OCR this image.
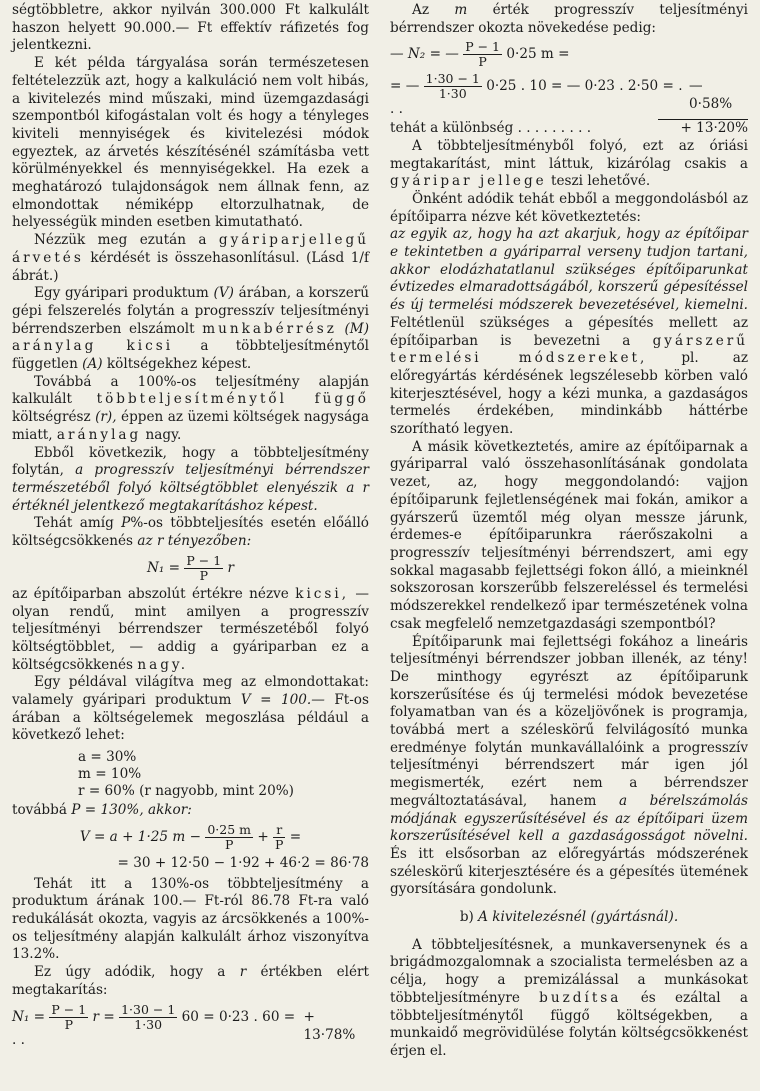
ségtöbbletre, akkor nyilván 300.000 Ft kalkulált haszon helyett 90.000.— Ft effektív ráfizetés fog jelentkezni.

E két példa tárgyalása során természetesen feltételezzük azt, hogy a kalkuláció nem volt hibás, a kivitelezés mind műszaki, mind üzemgazdasági szempontból kifogástalan volt és hogy a tényleges kiviteli mennyiségek és kivitelezési módok egyeztek, az árvetés készítésénél számításba vett körülményekkel és mennyiségekkel. Ha ezek a meghatározó tulajdonságok nem állnak fenn, az elmondottak némiképp eltorzulhatnak, de helyességük minden esetben kimutatható.

Nézzük meg ezután a gyáriparjellegű árvetés kérdését is összehasonlításul. (Lásd 1/f ábrát.)

Egy gyáripari produktum (V) árában, a korszerű gépi felszerelés folytán a progresszív teljesítményi bérrendszerben elszámolt munkabérrész (M) aránylag kicsi a többteljesítménytől független (A) költségekhez képest.

Továbbá a 100%-os teljesítmény alapján kalkulált többteljesítménytől függő költségrész (r), éppen az üzemi költségek nagysága miatt, aránylag nagy.

Ebből következik, hogy a többteljesítmény folytán, a progresszív teljesítményi bérrendszer természetéből folyó költségtöbblet elenyészik a r értéknél jelentkező megtakarításhoz képest.

Tehát amíg P%-os többteljesítés esetén előálló költségcsökkenés az r tényezőben:

$N_1 = \frac{P - 1}{P}$ r

az építőiparban abszolút értékre nézve kicsi, — olyan rendű, mint amilyen a progresszív teljesítményi bérrendszer természetéből folyó költségtöbblet, — addig a gyáriparban ez a költségcsökkenés nagy.

Egy példával világítva meg az elmondottakat: valamely gyáripari produktum V = 100.— Ft-os árában a költségelemek megoszlása például a következő lehet:

a = 30%
m = 10%
r = 60% (r nagyobb, mint 20%)
továbbá P = 130%, akkor:
V = a + 1·25 $m - \frac{0\cdot 25 m}{P} + \frac{r}{P}$ =
= 30 + 12·50 − 1·92 + 46·2 = 86·78

Tehát itt a 130%-os többteljesítmény a produktum árának 100.— Ft-ról 86.78 Ft-ra való redukálását okozta, vagyis az árcsökkenés a 100%-os teljesítmény alapján kalkulált árhoz viszonyítva 13.2%.

Ez úgy adódik, hogy a r értékben elért megtakarítás:

$N_1 = \frac{P - 1}{P}$ $r = \frac{1\cdot 30 - 1}{1\cdot 30} 60 = 0\cdot 23$ . 60 = . .
+ 13·78%

Az m érték progresszív teljesítményi bérrendszer okozta növekedése pedig:

— N₂ = — $\frac{P - 1}{P} 0\cdot 25$ m =
= — $\frac{1\cdot 30 - 1}{1\cdot 30} 0\cdot 25$ . 10 = — 0·23 . 2·50 = . . .
— 0·58%
tehát a különbség . . . . . . . . .	+ 13·20%

A többteljesítményből folyó, ezt az óriási megtakarítást, mint láttuk, kizárólag csakis a gyáripar jellege teszi lehetővé.

Önként adódik tehát ebből a meggondolásból az építőiparra nézve két következtetés:

az egyik az, hogy ha azt akarjuk, hogy az építőipar e tekintetben a gyáriparral verseny tudjon tartani, akkor elodázhatatlanul szükséges építőiparunkat évtizedes elmaradottságából, korszerű gépesítéssel és új termelési módszerek bevezetésével, kiemelni. Feltétlenül szükséges a gépesítés mellett az építőiparban is bevezetni a gyárszerű termelési módszereket, pl. az előregyártás kérdésének legszélesebb körben való kiterjesztésével, hogy a kézi munka, a gazdaságos termelés érdekében, mindinkább háttérbe szorítható legyen.

A másik következtetés, amire az építőiparnak a gyáriparral való összehasonlításának gondolata vezet, az, hogy meggondolandó: vajjon építőiparunk fejletlenségének mai fokán, amikor a gyárszerű üzemtől még olyan messze járunk, érdemes-e építőiparunkra ráerőszakolni a progresszív teljesítményi bérrendszert, ami egy sokkal magasabb fejlettségi fokon álló, a mieinknél sokszorosan korszerűbb felszereléssel és termelési módszerekkel rendelkező ipar természetének volna csak megfelelő nemzetgazdasági szempontból?

Építőiparunk mai fejlettségi fokához a lineáris teljesítményi bérrendszer jobban illenék, az tény! De minthogy egyrészt az építőiparunk korszerűsítése és új termelési módok bevezetése folyamatban van és a közeljövőnek is programja, továbbá mert a széleskörű felvilágosító munka eredménye folytán munkavállalóink a progresszív teljesítményi bérrendszert már igen jól megismerték, ezért nem a bérrendszer megváltoztatásával, hanem a bérelszámolás módjának egyszerűsítésével és az építőipari üzem korszerűsítésével kell a gazdaságosságot növelni. És itt elsősorban az előregyártás módszerének széleskörű kiterjesztésére és a gépesítés ütemének gyorsítására gondolunk.

b) A kivitelezésnél (gyártásnál).

A többteljesítésnek, a munkaversenynek és a brigádmozgalomnak a szocialista termelésben az a célja, hogy a premizálással a munkásokat többteljesítményre buzdítsa és ezáltal a többteljesítménytől függő költségekben, a munkaidő megrövidülése folytán költségcsökkenést érjen el.
